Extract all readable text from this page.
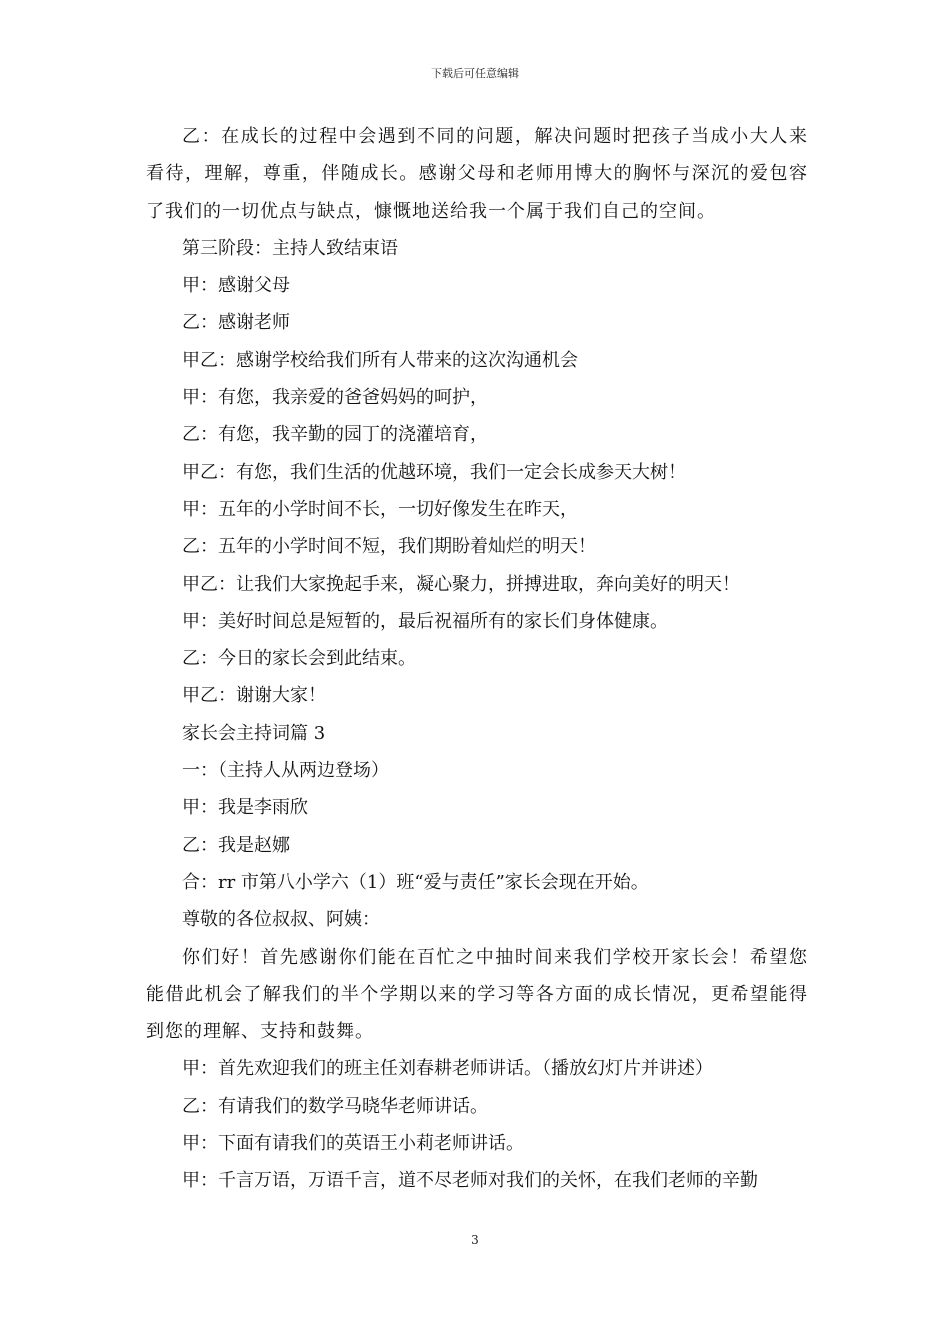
下载后可任意编辑

乙：在成长的过程中会遇到不同的问题，解决问题时把孩子当成小大人来看待，理解，尊重，伴随成长。感谢父母和老师用博大的胸怀与深沉的爱包容了我们的一切优点与缺点，慷慨地送给我一个属于我们自己的空间。

第三阶段：主持人致结束语

甲：感谢父母

乙：感谢老师

甲乙：感谢学校给我们所有人带来的这次沟通机会

甲：有您，我亲爱的爸爸妈妈的呵护，

乙：有您，我辛勤的园丁的浇灌培育，

甲乙：有您，我们生活的优越环境，我们一定会长成参天大树！

甲：五年的小学时间不长，一切好像发生在昨天，

乙：五年的小学时间不短，我们期盼着灿烂的明天！

甲乙：让我们大家挽起手来，凝心聚力，拼搏进取，奔向美好的明天！

甲：美好时间总是短暂的，最后祝福所有的家长们身体健康。

乙：今日的家长会到此结束。

甲乙：谢谢大家！

家长会主持词篇 3

一：（主持人从两边登场）

甲：我是李雨欣

乙：我是赵娜

合：rr 市第八小学六（1）班“爱与责任”家长会现在开始。

尊敬的各位叔叔、阿姨：

你们好！首先感谢你们能在百忙之中抽时间来我们学校开家长会！希望您能借此机会了解我们的半个学期以来的学习等各方面的成长情况，更希望能得到您的理解、支持和鼓舞。

甲：首先欢迎我们的班主任刘春耕老师讲话。（播放幻灯片并讲述）

乙：有请我们的数学马晓华老师讲话。

甲：下面有请我们的英语王小莉老师讲话。

甲：千言万语，万语千言，道不尽老师对我们的关怀，在我们老师的辛勤

3
